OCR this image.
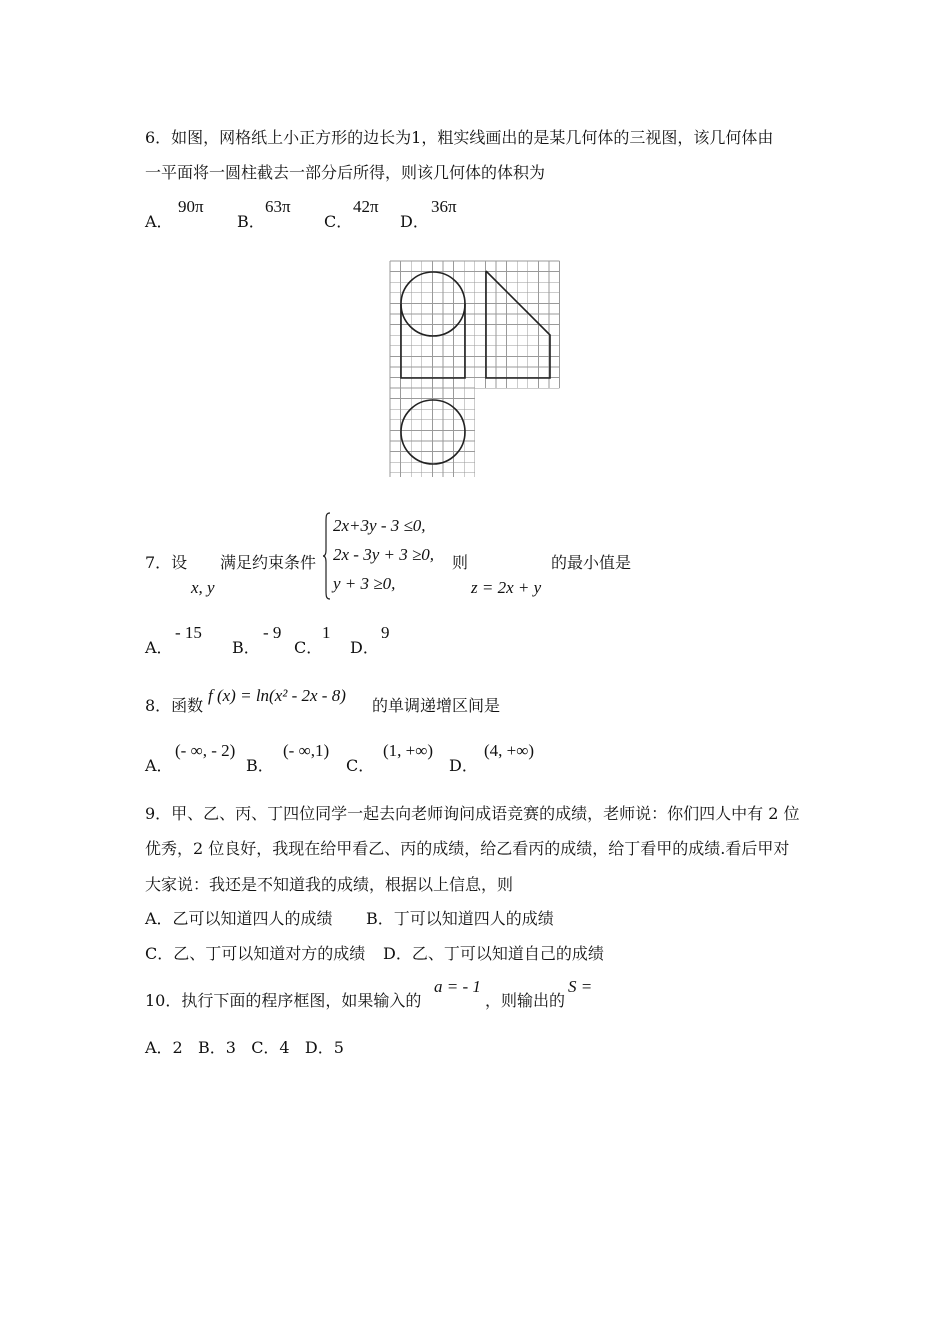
6．如图，网格纸上小正方形的边长为1，粗实线画出的是某几何体的三视图，该几何体由
一平面将一圆柱截去一部分后所得，则该几何体的体积为
A．
90π
B．
63π
C．
42π
D．
36π
7．设
x, y
满足约束条件
2x+3y - 3 ≤0,
2x - 3y + 3 ≥0,
y + 3 ≥0,
则
z = 2x + y
的最小值是
A．
- 15
B．
- 9
C．
1
D．
9
8．函数
f (x) = ln(x² - 2x - 8)
的单调递增区间是
A．
(- ∞, - 2)
B．
(- ∞,1)
C．
(1, +∞)
D．
(4, +∞)
9．甲、乙、丙、丁四位同学一起去向老师询问成语竞赛的成绩，老师说：你们四人中有 2 位
优秀，2 位良好，我现在给甲看乙、丙的成绩，给乙看丙的成绩，给丁看甲的成绩.看后甲对
大家说：我还是不知道我的成绩，根据以上信息，则
A．乙可以知道四人的成绩 B．丁可以知道四人的成绩
C．乙、丁可以知道对方的成绩 D．乙、丁可以知道自己的成绩
10．执行下面的程序框图，如果输入的
a = - 1
，则输出的
S =
A．2   B．3   C．4   D．5
